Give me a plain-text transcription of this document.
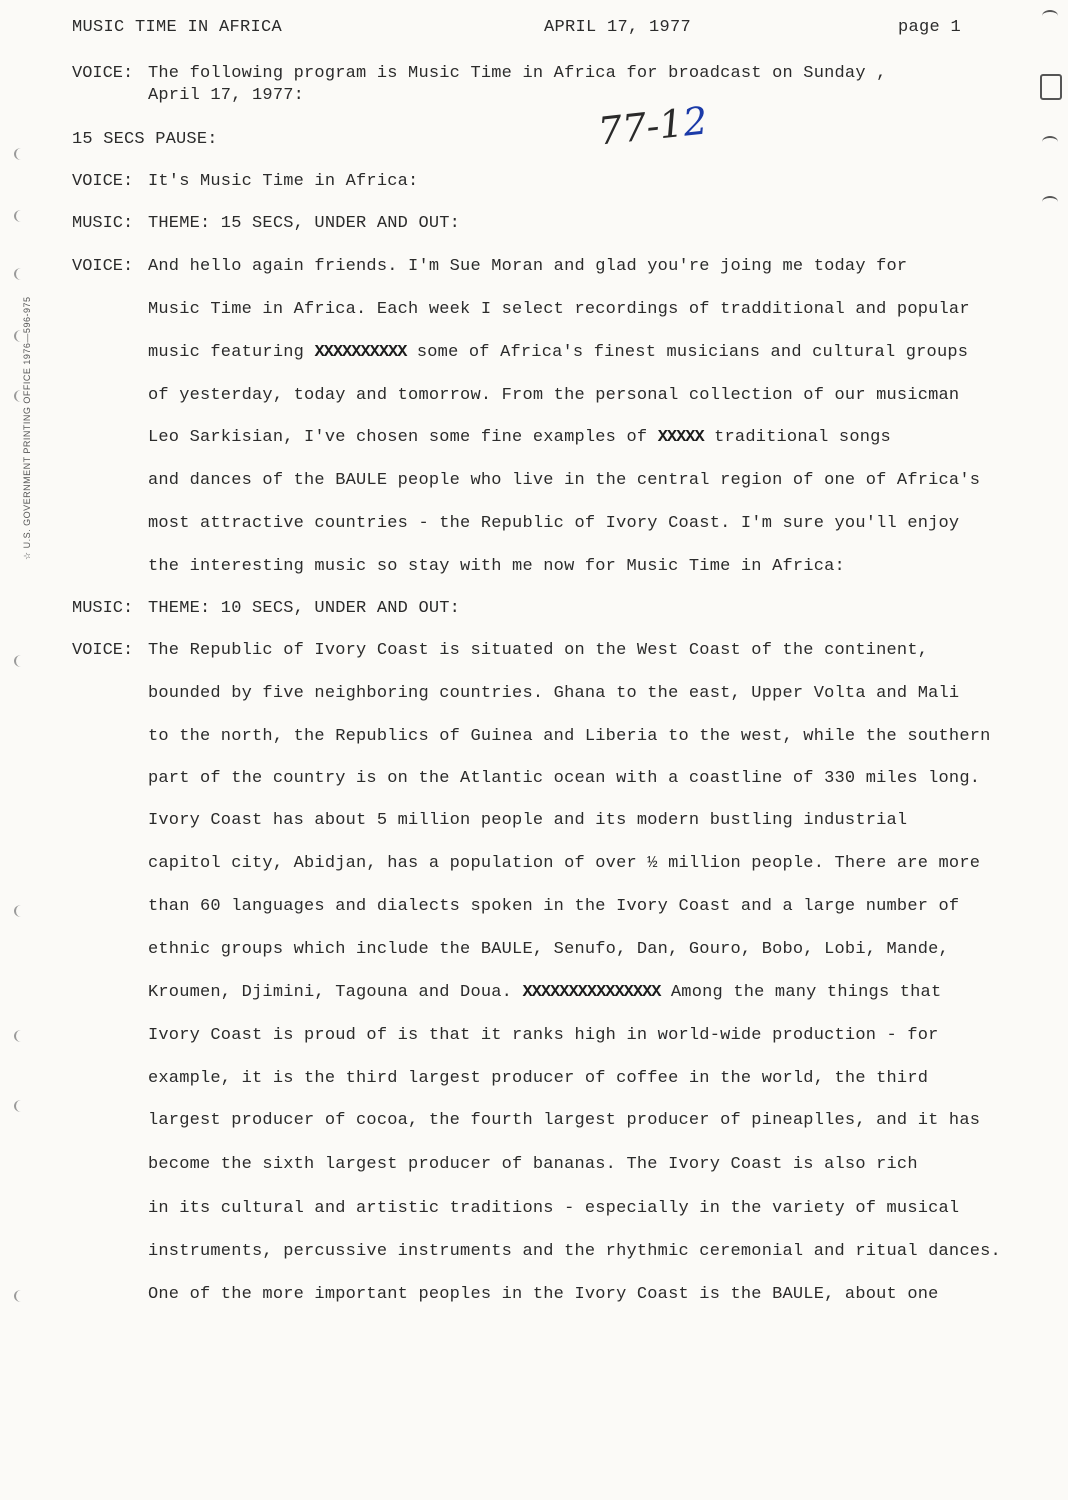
☆ U.S. GOVERNMENT PRINTING OFFICE 1976—596-975
MUSIC TIME IN AFRICA	APRIL 17, 1977	page 1
77-12
VOICE: The following program is Music Time in Africa for broadcast on Sunday ,
April 17, 1977:
15 SECS PAUSE:
VOICE: It's Music Time in Africa:
MUSIC: THEME: 15 SECS, UNDER AND OUT:
VOICE: And hello again friends. I'm Sue Moran and glad you're joing me today for
Music Time in Africa. Each week I select recordings of tradditional and popular
music featuring XXXXXXXXXX some of Africa's finest musicians and cultural groups
of yesterday, today and tomorrow. From the personal collection of our musicman
Leo Sarkisian, I've chosen some fine examples of XXXXX traditional songs
and dances of the BAULE people who live in the central region of one of Africa's
most attractive countries - the Republic of Ivory Coast. I'm sure you'll enjoy
the interesting music so stay with me now for Music Time in Africa:
MUSIC: THEME: 10 SECS, UNDER AND OUT:
VOICE: The Republic of Ivory Coast is situated on the West Coast of the continent,
bounded by five neighboring countries. Ghana to the east, Upper Volta and Mali
to the north, the Republics of Guinea and Liberia to the west, while the southern
part of the country is on the Atlantic ocean with a coastline of 330 miles long.
Ivory Coast has about 5 million people and its modern bustling industrial
capitol city, Abidjan, has a population of over ½ million people. There are more
than 60 languages and dialects spoken in the Ivory Coast and a large number of
ethnic groups which include the BAULE, Senufo, Dan, Gouro, Bobo, Lobi, Mande,
Kroumen, Djimini, Tagouna and Doua. XXXXXXXXXXXXXXX Among the many things that
Ivory Coast is proud of is that it ranks high in world-wide production - for
example, it is the third largest producer of coffee in the world, the third
largest producer of cocoa, the fourth largest producer of pineaplles, and it has
become the sixth largest producer of bananas. The Ivory Coast is also rich
in its cultural and artistic traditions - especially in the variety of musical
instruments, percussive instruments and the rhythmic ceremonial and ritual dances.
One of the more important peoples in the Ivory Coast is the BAULE, about one
